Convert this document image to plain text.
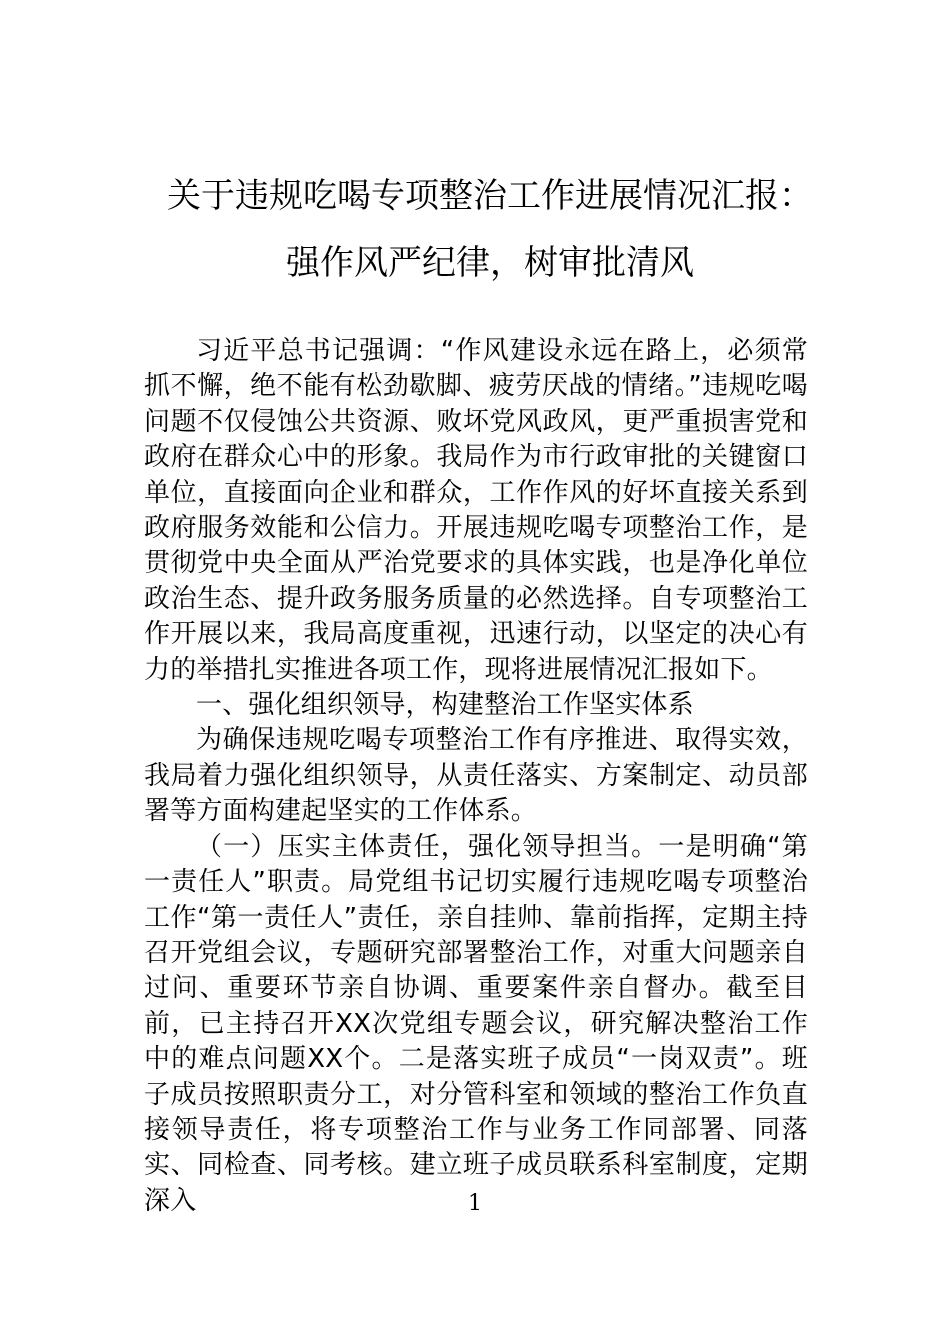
关于违规吃喝专项整治工作进展情况汇报：
强作风严纪律，树审批清风

习近平总书记强调：“作风建设永远在路上，必须常抓不懈，绝不能有松劲歇脚、疲劳厌战的情绪。”违规吃喝问题不仅侵蚀公共资源、败坏党风政风，更严重损害党和政府在群众心中的形象。我局作为市行政审批的关键窗口单位，直接面向企业和群众，工作作风的好坏直接关系到政府服务效能和公信力。开展违规吃喝专项整治工作，是贯彻党中央全面从严治党要求的具体实践，也是净化单位政治生态、提升政务服务质量的必然选择。自专项整治工作开展以来，我局高度重视，迅速行动，以坚定的决心有力的举措扎实推进各项工作，现将进展情况汇报如下。

一、强化组织领导，构建整治工作坚实体系

为确保违规吃喝专项整治工作有序推进、取得实效，我局着力强化组织领导，从责任落实、方案制定、动员部署等方面构建起坚实的工作体系。

（一）压实主体责任，强化领导担当。一是明确“第一责任人”职责。局党组书记切实履行违规吃喝专项整治工作“第一责任人”责任，亲自挂帅、靠前指挥，定期主持召开党组会议，专题研究部署整治工作，对重大问题亲自过问、重要环节亲自协调、重要案件亲自督办。截至目前，已主持召开XX次党组专题会议，研究解决整治工作中的难点问题XX个。二是落实班子成员“一岗双责”。班子成员按照职责分工，对分管科室和领域的整治工作负直接领导责任，将专项整治工作与业务工作同部署、同落实、同检查、同考核。建立班子成员联系科室制度，定期深入	1
